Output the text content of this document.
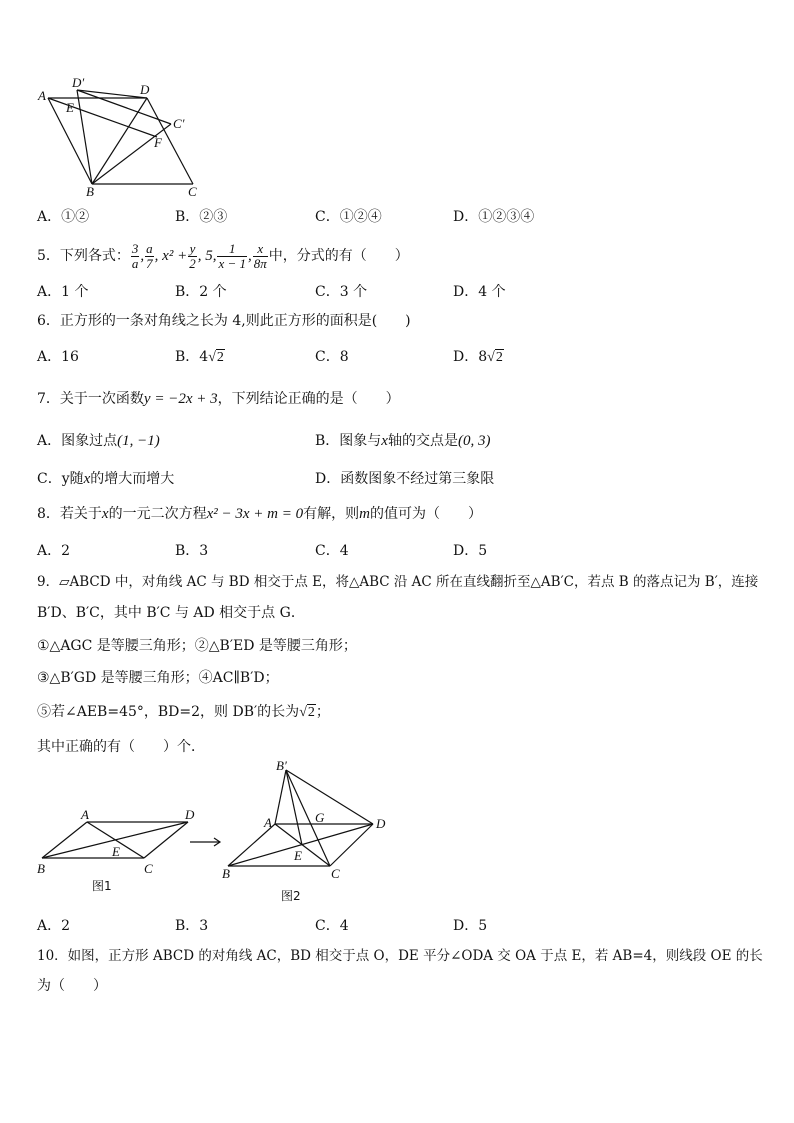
A
D′	D
E
C′
F
B	C
A．①②	B．②③	C．①②④	D．①②③④
5．下列各式： $\frac{3}{a}$ , $\frac{a}{7}$ , $x^2 + \frac{y}{2}$ , 5, $\frac{1}{x - 1}$ , $\frac{x}{8\pi}$ 中，分式的有（　　）
A．1 个	B．2 个	C．3 个	D．4 个
6．正方形的一条对角线之长为 4,则此正方形的面积是(　　)
A．16	B．4√2	C．8	D．8√2
7．关于一次函数y = −2x + 3，下列结论正确的是（　　）
A．图象过点(1, −1)	B．图象与x轴的交点是(0, 3)
C．y随x的增大而增大	D．函数图象不经过第三象限
8．若关于x的一元二次方程x² − 3x + m = 0有解，则m的值可为（　　）
A．2	B．3	C．4	D．5
9．▱ABCD 中，对角线 AC 与 BD 相交于点 E，将△ABC 沿 AC 所在直线翻折至△AB′C，若点 B 的落点记为 B′，连接
B′D、B′C，其中 B′C 与 AD 相交于点 G．
①△AGC 是等腰三角形；②△B′ED 是等腰三角形；
③△B′GD 是等腰三角形；④AC∥B′D；
⑤若∠AEB=45°，BD=2，则 DB′的长为√2；
其中正确的有（　　）个．
A	D
E
B	C
图1
B′
A	G	D
E
B	C
图2
A．2	B．3	C．4	D．5
10．如图，正方形 ABCD 的对角线 AC，BD 相交于点 O，DE 平分∠ODA 交 OA 于点 E，若 AB=4，则线段 OE 的长
为（　　）
